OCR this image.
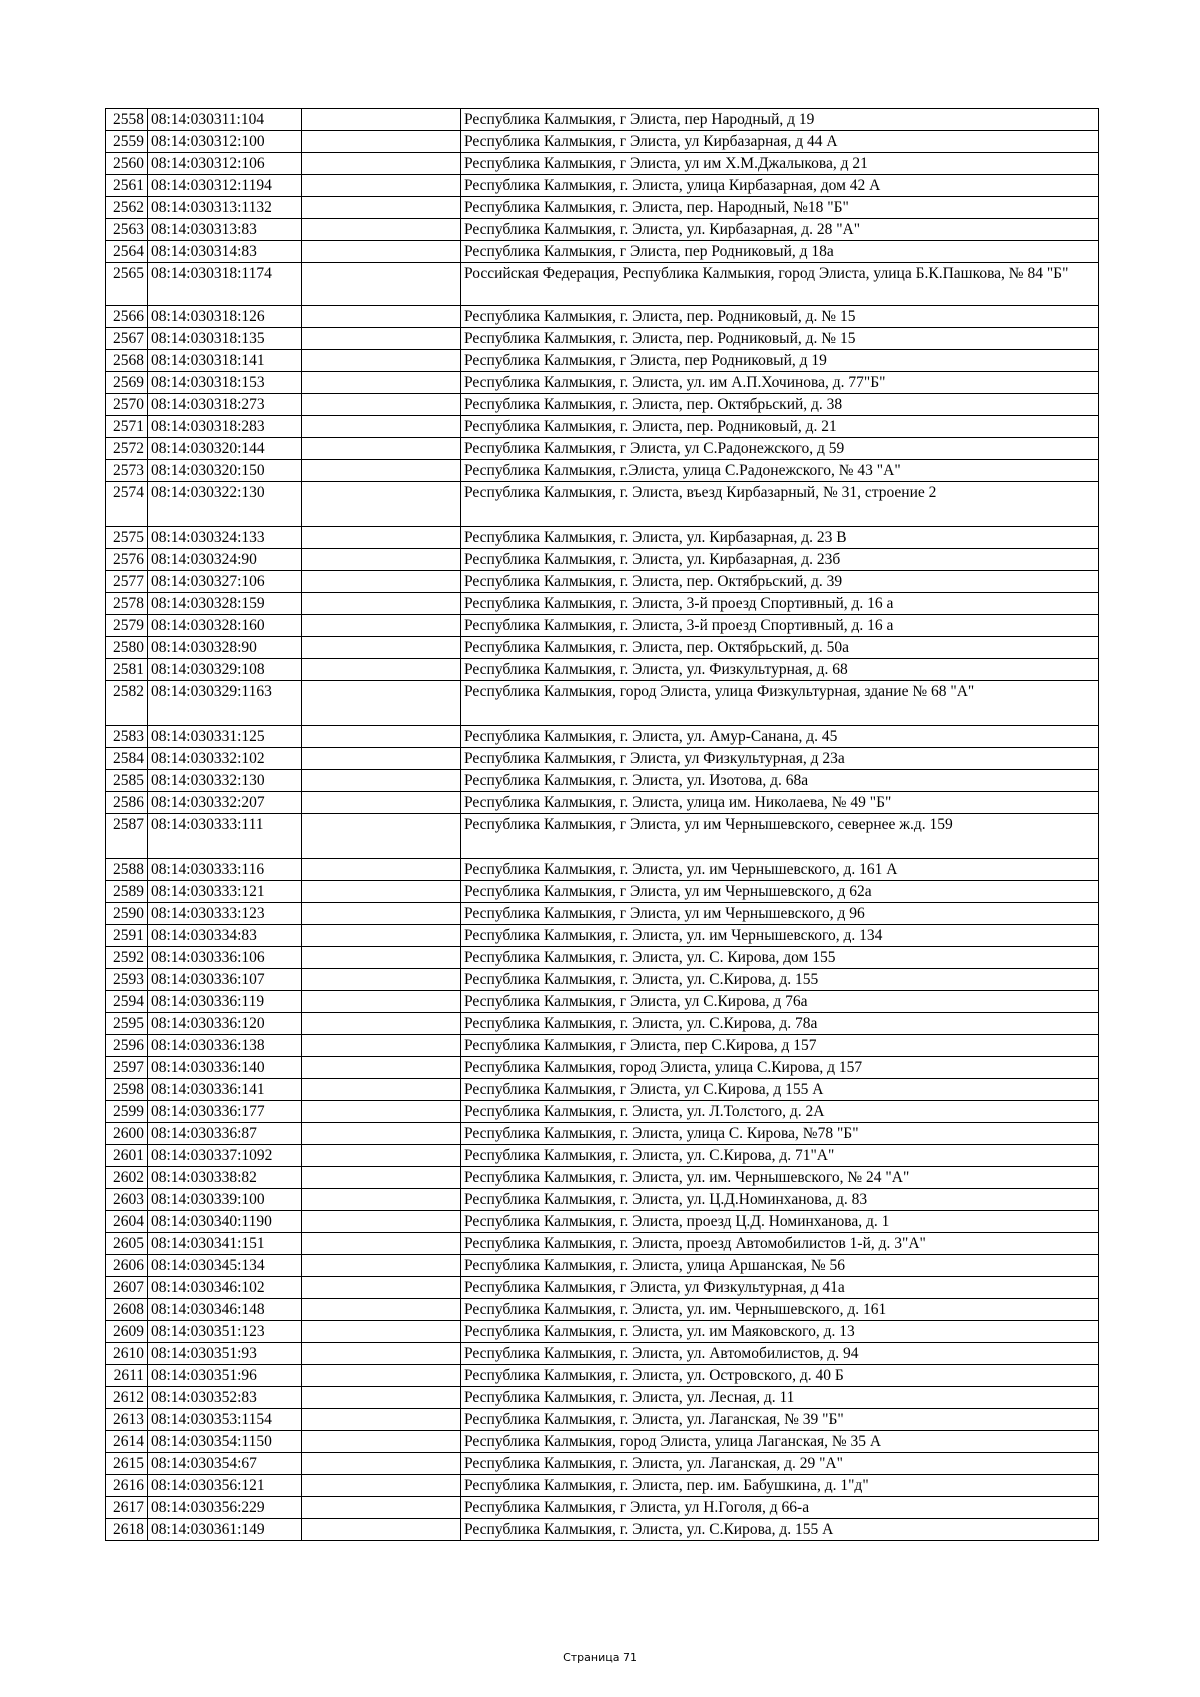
2558	08:14:030311:104		Республика Калмыкия, г Элиста, пер Народный, д 19
2559	08:14:030312:100		Республика Калмыкия, г Элиста, ул Кирбазарная, д 44 А
2560	08:14:030312:106		Республика Калмыкия, г Элиста, ул им Х.М.Джалыкова, д 21
2561	08:14:030312:1194		Республика Калмыкия, г. Элиста, улица Кирбазарная, дом 42 А
2562	08:14:030313:1132		Республика Калмыкия, г. Элиста, пер. Народный, №18 "Б"
2563	08:14:030313:83		Республика Калмыкия, г. Элиста, ул. Кирбазарная, д. 28 "А"
2564	08:14:030314:83		Республика Калмыкия, г Элиста, пер Родниковый, д 18а
2565	08:14:030318:1174		Российская Федерация, Республика Калмыкия, город Элиста, улица Б.К.Пашкова, № 84 "Б"
2566	08:14:030318:126		Республика Калмыкия, г. Элиста, пер. Родниковый, д. № 15
2567	08:14:030318:135		Республика Калмыкия, г. Элиста, пер. Родниковый, д. № 15
2568	08:14:030318:141		Республика Калмыкия, г Элиста, пер Родниковый, д 19
2569	08:14:030318:153		Республика Калмыкия, г. Элиста, ул. им А.П.Хочинова, д. 77"Б"
2570	08:14:030318:273		Республика Калмыкия, г. Элиста, пер. Октябрьский, д. 38
2571	08:14:030318:283		Республика Калмыкия, г. Элиста, пер. Родниковый, д. 21
2572	08:14:030320:144		Республика Калмыкия, г Элиста, ул С.Радонежского, д 59
2573	08:14:030320:150		Республика Калмыкия, г.Элиста, улица С.Радонежского, № 43 "А"
2574	08:14:030322:130		Республика Калмыкия, г. Элиста, въезд Кирбазарный, № 31, строение 2
2575	08:14:030324:133		Республика Калмыкия, г. Элиста, ул. Кирбазарная, д. 23 В
2576	08:14:030324:90		Республика Калмыкия, г. Элиста, ул. Кирбазарная, д. 23б
2577	08:14:030327:106		Республика Калмыкия, г. Элиста, пер. Октябрьский, д. 39
2578	08:14:030328:159		Республика Калмыкия, г. Элиста, 3-й проезд Спортивный, д. 16 а
2579	08:14:030328:160		Республика Калмыкия, г. Элиста, 3-й проезд Спортивный, д. 16 а
2580	08:14:030328:90		Республика Калмыкия, г. Элиста, пер. Октябрьский, д. 50а
2581	08:14:030329:108		Республика Калмыкия, г. Элиста, ул. Физкультурная, д. 68
2582	08:14:030329:1163		Республика Калмыкия, город Элиста, улица Физкультурная, здание № 68 "А"
2583	08:14:030331:125		Республика Калмыкия, г. Элиста, ул. Амур-Санана, д. 45
2584	08:14:030332:102		Республика Калмыкия, г Элиста, ул Физкультурная, д 23а
2585	08:14:030332:130		Республика Калмыкия, г. Элиста, ул. Изотова, д. 68а
2586	08:14:030332:207		Республика Калмыкия, г. Элиста, улица им. Николаева, № 49 "Б"
2587	08:14:030333:111		Республика Калмыкия, г Элиста, ул им Чернышевского, севернее ж.д. 159
2588	08:14:030333:116		Республика Калмыкия, г. Элиста, ул. им Чернышевского, д. 161 А
2589	08:14:030333:121		Республика Калмыкия, г Элиста, ул им Чернышевского, д 62а
2590	08:14:030333:123		Республика Калмыкия, г Элиста, ул им Чернышевского, д 96
2591	08:14:030334:83		Республика Калмыкия, г. Элиста, ул. им Чернышевского, д. 134
2592	08:14:030336:106		Республика Калмыкия, г. Элиста, ул. С. Кирова, дом 155
2593	08:14:030336:107		Республика Калмыкия, г. Элиста, ул. С.Кирова, д. 155
2594	08:14:030336:119		Республика Калмыкия, г Элиста, ул С.Кирова, д 76а
2595	08:14:030336:120		Республика Калмыкия, г. Элиста, ул. С.Кирова, д. 78а
2596	08:14:030336:138		Республика Калмыкия, г Элиста, пер С.Кирова, д 157
2597	08:14:030336:140		Республика Калмыкия, город Элиста, улица С.Кирова, д 157
2598	08:14:030336:141		Республика Калмыкия, г Элиста, ул С.Кирова, д 155 А
2599	08:14:030336:177		Республика Калмыкия, г. Элиста, ул. Л.Толстого, д. 2А
2600	08:14:030336:87		Республика Калмыкия, г. Элиста, улица С. Кирова, №78 "Б"
2601	08:14:030337:1092		Республика Калмыкия, г. Элиста, ул. С.Кирова, д. 71"А"
2602	08:14:030338:82		Республика Калмыкия, г. Элиста, ул. им. Чернышевского, № 24 "А"
2603	08:14:030339:100		Республика Калмыкия, г. Элиста, ул. Ц.Д.Номинханова, д. 83
2604	08:14:030340:1190		Республика Калмыкия, г. Элиста, проезд Ц.Д. Номинханова, д. 1
2605	08:14:030341:151		Республика Калмыкия, г. Элиста, проезд Автомобилистов 1-й, д. 3"А"
2606	08:14:030345:134		Республика Калмыкия, г. Элиста, улица Аршанская, № 56
2607	08:14:030346:102		Республика Калмыкия, г Элиста, ул Физкультурная, д 41а
2608	08:14:030346:148		Республика Калмыкия, г. Элиста, ул. им. Чернышевского, д. 161
2609	08:14:030351:123		Республика Калмыкия, г. Элиста, ул. им Маяковского, д. 13
2610	08:14:030351:93		Республика Калмыкия, г. Элиста, ул. Автомобилистов, д. 94
2611	08:14:030351:96		Республика Калмыкия, г. Элиста, ул. Островского, д. 40 Б
2612	08:14:030352:83		Республика Калмыкия, г. Элиста, ул. Лесная, д. 11
2613	08:14:030353:1154		Республика Калмыкия, г. Элиста, ул. Лаганская, № 39 "Б"
2614	08:14:030354:1150		Республика Калмыкия, город Элиста, улица Лаганская, № 35 А
2615	08:14:030354:67		Республика Калмыкия, г. Элиста, ул. Лаганская, д. 29 "А"
2616	08:14:030356:121		Республика Калмыкия, г. Элиста, пер. им. Бабушкина, д. 1"д"
2617	08:14:030356:229		Республика Калмыкия, г Элиста, ул Н.Гоголя, д 66-а
2618	08:14:030361:149		Республика Калмыкия, г. Элиста, ул. С.Кирова, д. 155 А
Страница 71
